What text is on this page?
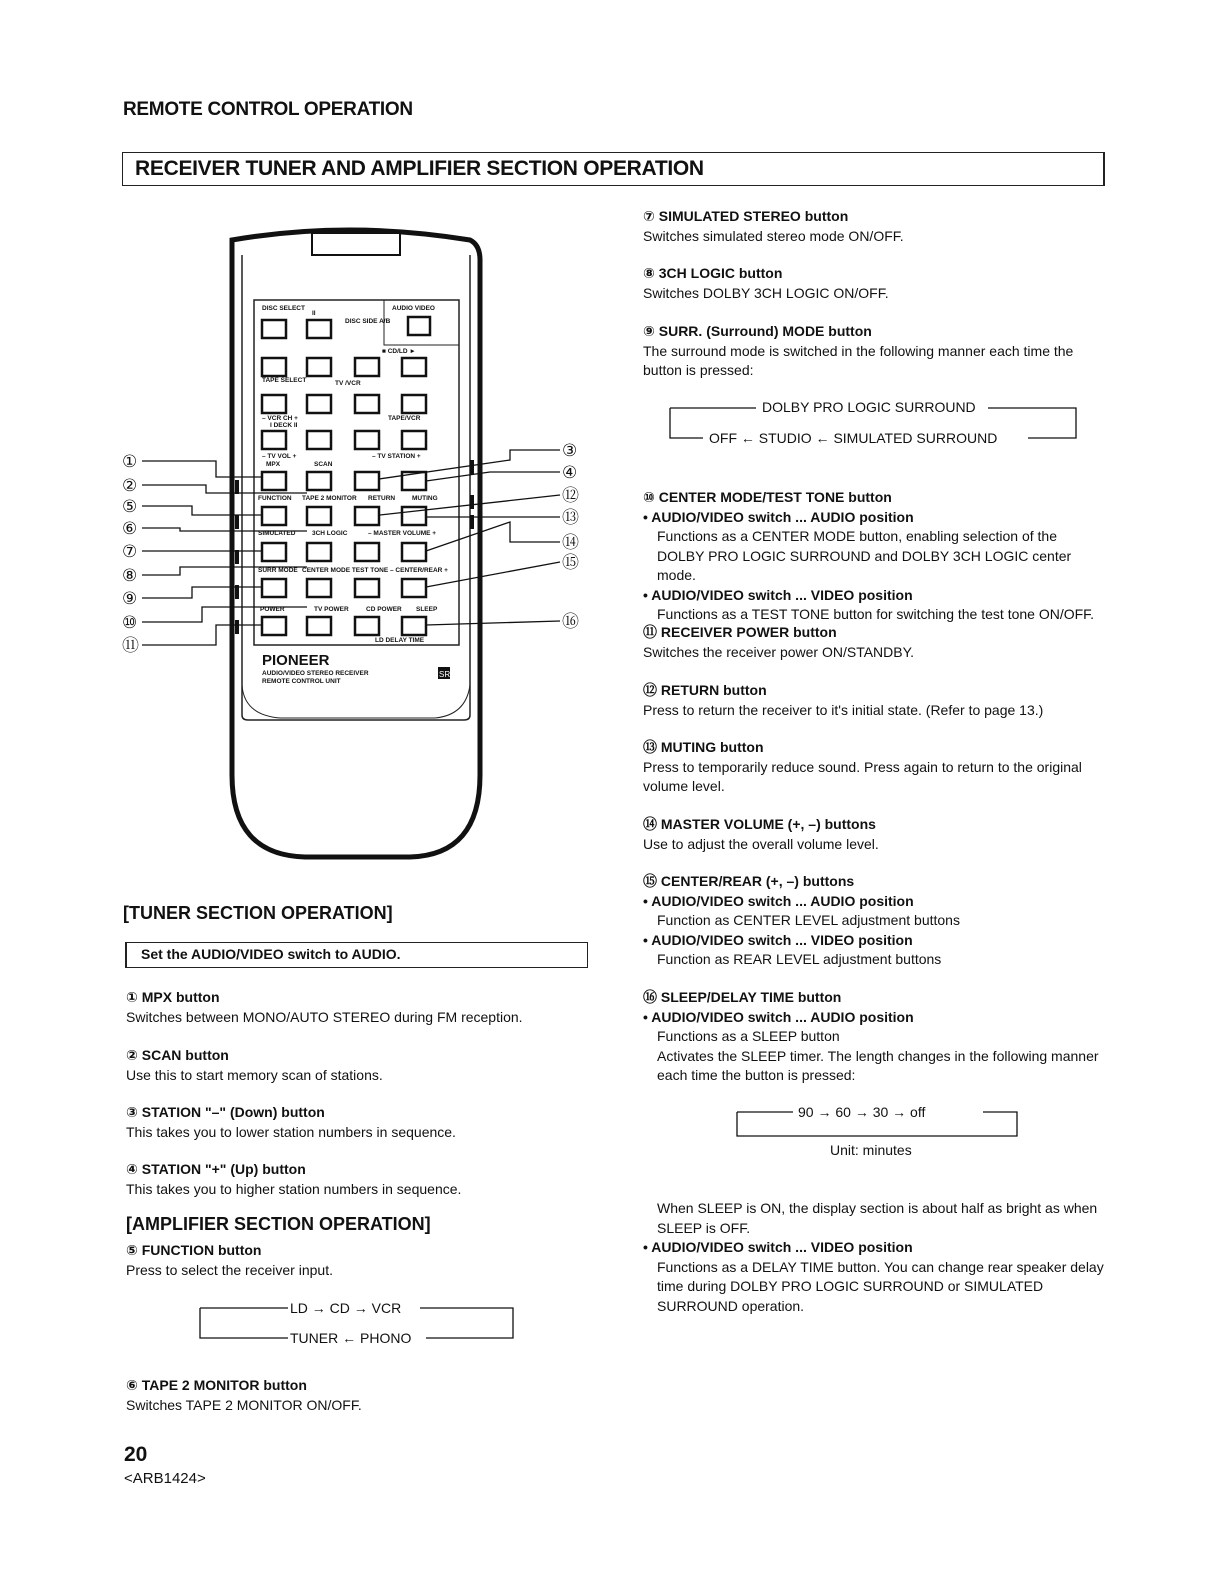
REMOTE CONTROL OPERATION
RECEIVER TUNER AND AMPLIFIER SECTION OPERATION
DISC SELECT
II
AUDIO VIDEO
DISC SIDE A/B
■ CD/LD ►
TAPE SELECT	TV /VCR
– VCR CH +
I DECK II
TAPE/VCR
– TV VOL +	– TV STATION +
MPX	SCAN
FUNCTION TAPE 2 MONITOR RETURN	MUTING
SIMULATED	3CH LOGIC	– MASTER VOLUME +
SURR MODE CENTER MODE TEST TONE – CENTER/REAR +
POWER	TV POWER	CD POWER SLEEP
LD DELAY TIME
①
②
⑤
⑥
⑦
⑧
⑨
⑩
⑪
③
④
⑫
⑬
⑭
⑮
⑯
PIONEER
AUDIO/VIDEO STEREO RECEIVER
REMOTE CONTROL UNIT
SR
[TUNER SECTION OPERATION]
Set the AUDIO/VIDEO switch to AUDIO.
① MPX button
Switches between MONO/AUTO STEREO during FM reception.
② SCAN button
Use this to start memory scan of stations.
③ STATION "–" (Down) button
This takes you to lower station numbers in sequence.
④ STATION "+" (Up) button
This takes you to higher station numbers in sequence.
[AMPLIFIER SECTION OPERATION]
⑤ FUNCTION button
Press to select the receiver input.
LD → CD → VCR
TUNER ← PHONO
⑥ TAPE 2 MONITOR button
Switches TAPE 2 MONITOR ON/OFF.
⑦ SIMULATED STEREO button
Switches simulated stereo mode ON/OFF.
⑧ 3CH LOGIC button
Switches DOLBY 3CH LOGIC ON/OFF.
⑨ SURR. (Surround) MODE button
The surround mode is switched in the following manner each time the button is pressed:
DOLBY PRO LOGIC SURROUND
OFF ← STUDIO ← SIMULATED SURROUND
⑩ CENTER MODE/TEST TONE button
• AUDIO/VIDEO switch ... AUDIO position
Functions as a CENTER MODE button, enabling selection of the DOLBY PRO LOGIC SURROUND and DOLBY 3CH LOGIC center mode.
• AUDIO/VIDEO switch ... VIDEO position
Functions as a TEST TONE button for switching the test tone ON/OFF.
⑪ RECEIVER POWER button
Switches the receiver power ON/STANDBY.
⑫ RETURN button
Press to return the receiver to it's initial state. (Refer to page 13.)
⑬ MUTING button
Press to temporarily reduce sound. Press again to return to the original volume level.
⑭ MASTER VOLUME (+, –) buttons
Use to adjust the overall volume level.
⑮ CENTER/REAR (+, –) buttons
• AUDIO/VIDEO switch ... AUDIO position
Function as CENTER LEVEL adjustment buttons
• AUDIO/VIDEO switch ... VIDEO position
Function as REAR LEVEL adjustment buttons
⑯ SLEEP/DELAY TIME button
• AUDIO/VIDEO switch ... AUDIO position
Functions as a SLEEP button
Activates the SLEEP timer. The length changes in the following manner each time the button is pressed:
90 → 60 → 30 → off
Unit: minutes
When SLEEP is ON, the display section is about half as bright as when SLEEP is OFF.
• AUDIO/VIDEO switch ... VIDEO position
Functions as a DELAY TIME button. You can change rear speaker delay time during DOLBY PRO LOGIC SURROUND or SIMULATED SURROUND operation.
20
<ARB1424>
